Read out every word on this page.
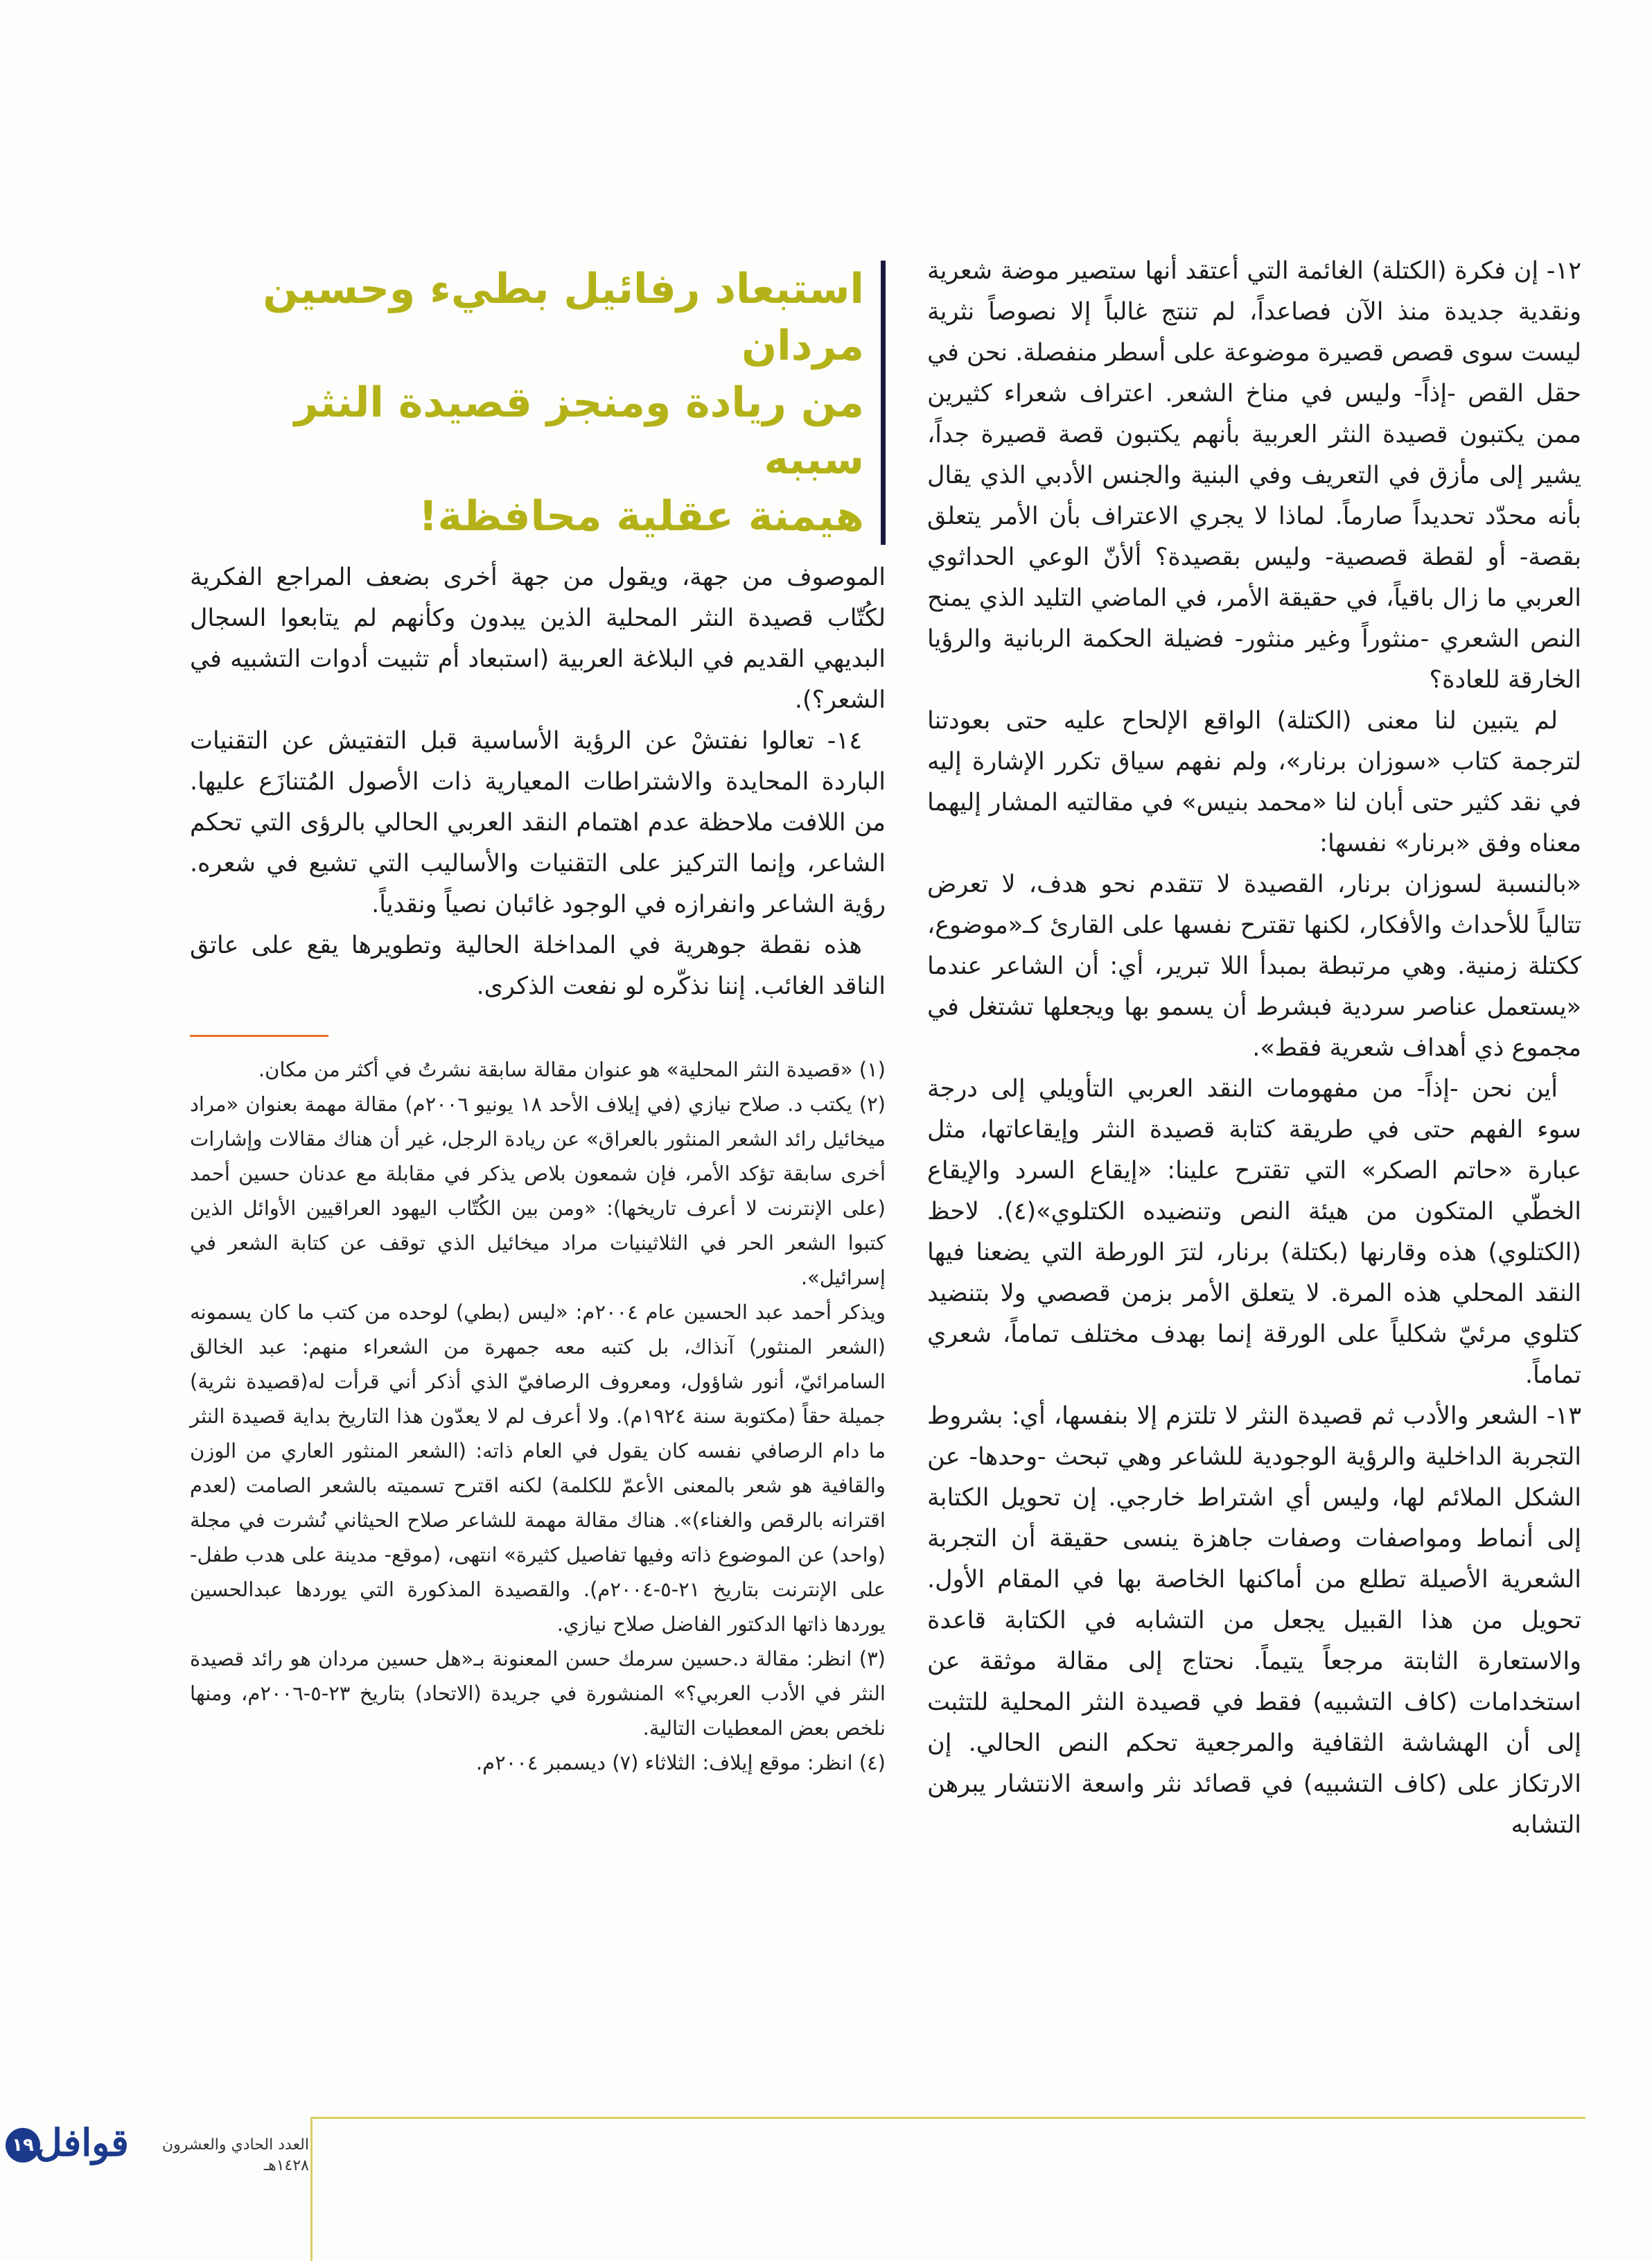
١٢- إن فكرة (الكتلة) الغائمة التي أعتقد أنها ستصير موضة شعرية ونقدية جديدة منذ الآن فصاعداً، لم تنتج غالباً إلا نصوصاً نثرية ليست سوى قصص قصيرة موضوعة على أسطر منفصلة. نحن في حقل القص -إذاً- وليس في مناخ الشعر. اعتراف شعراء كثيرين ممن يكتبون قصيدة النثر العربية بأنهم يكتبون قصة قصيرة جداً، يشير إلى مأزق في التعريف وفي البنية والجنس الأدبي الذي يقال بأنه محدّد تحديداً صارماً. لماذا لا يجري الاعتراف بأن الأمر يتعلق بقصة- أو لقطة قصصية- وليس بقصيدة؟ ألأنّ الوعي الحداثوي العربي ما زال باقياً، في حقيقة الأمر، في الماضي التليد الذي يمنح النص الشعري -منثوراً وغير منثور- فضيلة الحكمة الربانية والرؤيا الخارقة للعادة؟

لم يتبين لنا معنى (الكتلة) الواقع الإلحاح عليه حتى بعودتنا لترجمة كتاب «سوزان برنار»، ولم نفهم سياق تكرر الإشارة إليه في نقد كثير حتى أبان لنا «محمد بنيس» في مقالتيه المشار إليهما معناه وفق «برنار» نفسها:

«بالنسبة لسوزان برنار، القصيدة لا تتقدم نحو هدف، لا تعرض تتالياً للأحداث والأفكار، لكنها تقترح نفسها على القارئ كـ«موضوع، ككتلة زمنية. وهي مرتبطة بمبدأ اللا تبرير، أي: أن الشاعر عندما «يستعمل عناصر سردية فبشرط أن يسمو بها ويجعلها تشتغل في مجموع ذي أهداف شعرية فقط».

أين نحن -إذاً- من مفهومات النقد العربي التأويلي إلى درجة سوء الفهم حتى في طريقة كتابة قصيدة النثر وإيقاعاتها، مثل عبارة «حاتم الصكر» التي تقترح علينا: «إيقاع السرد والإيقاع الخطّي المتكون من هيئة النص وتنضيده الكتلوي»(٤). لاحظ (الكتلوي) هذه وقارنها (بكتلة) برنار، لترَ الورطة التي يضعنا فيها النقد المحلي هذه المرة. لا يتعلق الأمر بزمن قصصي ولا بتنضيد كتلوي مرئيّ شكلياً على الورقة إنما بهدف مختلف تماماً، شعري تماماً.

١٣- الشعر والأدب ثم قصيدة النثر لا تلتزم إلا بنفسها، أي: بشروط التجربة الداخلية والرؤية الوجودية للشاعر وهي تبحث -وحدها- عن الشكل الملائم لها، وليس أي اشتراط خارجي. إن تحويل الكتابة إلى أنماط ومواصفات وصفات جاهزة ينسى حقيقة أن التجربة الشعرية الأصيلة تطلع من أماكنها الخاصة بها في المقام الأول. تحويل من هذا القبيل يجعل من التشابه في الكتابة قاعدة والاستعارة الثابتة مرجعاً يتيماً. نحتاج إلى مقالة موثقة عن استخدامات (كاف التشبيه) فقط في قصيدة النثر المحلية للتثبت إلى أن الهشاشة الثقافية والمرجعية تحكم النص الحالي. إن الارتكاز على (كاف التشبيه) في قصائد نثر واسعة الانتشار يبرهن التشابه

استبعاد رفائيل بطيء وحسين مردان
من ريادة ومنجز قصيدة النثر سببه
هيمنة عقلية محافظة!

الموصوف من جهة، ويقول من جهة أخرى بضعف المراجع الفكرية لكُتّاب قصيدة النثر المحلية الذين يبدون وكأنهم لم يتابعوا السجال البديهي القديم في البلاغة العربية (استبعاد أم تثبيت أدوات التشبيه في الشعر؟).

١٤- تعالوا نفتشْ عن الرؤية الأساسية قبل التفتيش عن التقنيات الباردة المحايدة والاشتراطات المعيارية ذات الأصول المُتنازَع عليها. من اللافت ملاحظة عدم اهتمام النقد العربي الحالي بالرؤى التي تحكم الشاعر، وإنما التركيز على التقنيات والأساليب التي تشيع في شعره. رؤية الشاعر وانفرازه في الوجود غائبان نصياً ونقدياً.

هذه نقطة جوهرية في المداخلة الحالية وتطويرها يقع على عاتق الناقد الغائب. إننا نذكّره لو نفعت الذكرى.

(١) «قصيدة النثر المحلية» هو عنوان مقالة سابقة نشرتُ في أكثر من مكان.

(٢) يكتب د. صلاح نيازي (في إيلاف الأحد ١٨ يونيو ٢٠٠٦م) مقالة مهمة بعنوان «مراد ميخائيل رائد الشعر المنثور بالعراق» عن ريادة الرجل، غير أن هناك مقالات وإشارات أخرى سابقة تؤكد الأمر، فإن شمعون بلاص يذكر في مقابلة مع عدنان حسين أحمد (على الإنترنت لا أعرف تاريخها): «ومن بين الكُتّاب اليهود العراقيين الأوائل الذين كتبوا الشعر الحر في الثلاثينيات مراد ميخائيل الذي توقف عن كتابة الشعر في إسرائيل».

ويذكر أحمد عبد الحسين عام ٢٠٠٤م: «ليس (بطي) لوحده من كتب ما كان يسمونه (الشعر المنثور) آنذاك، بل كتبه معه جمهرة من الشعراء منهم: عبد الخالق السامرائيّ، أنور شاؤول، ومعروف الرصافيّ الذي أذكر أني قرأت له(قصيدة نثرية) جميلة حقاً (مكتوبة سنة ١٩٢٤م). ولا أعرف لم لا يعدّون هذا التاريخ بداية قصيدة النثر ما دام الرصافي نفسه كان يقول في العام ذاته: (الشعر المنثور العاري من الوزن والقافية هو شعر بالمعنى الأعمّ للكلمة) لكنه اقترح تسميته بالشعر الصامت (لعدم اقترانه بالرقص والغناء)». هناك مقالة مهمة للشاعر صلاح الحيثاني نُشرت في مجلة (واحد) عن الموضوع ذاته وفيها تفاصيل كثيرة» انتهى، (موقع- مدينة على هدب طفل- على الإنترنت بتاريخ ٢١-٥-٢٠٠٤م). والقصيدة المذكورة التي يوردها عبدالحسين يوردها ذاتها الدكتور الفاضل صلاح نيازي.

(٣) انظر: مقالة د.حسين سرمك حسن المعنونة بـ«هل حسين مردان هو رائد قصيدة النثر في الأدب العربي؟» المنشورة في جريدة (الاتحاد) بتاريخ ٢٣-٥-٢٠٠٦م، ومنها نلخص بعض المعطيات التالية.

(٤) انظر: موقع إيلاف: الثلاثاء (٧) ديسمبر ٢٠٠٤م.

١٩ قوافل	العدد الحادي والعشرون ١٤٢٨هـ
